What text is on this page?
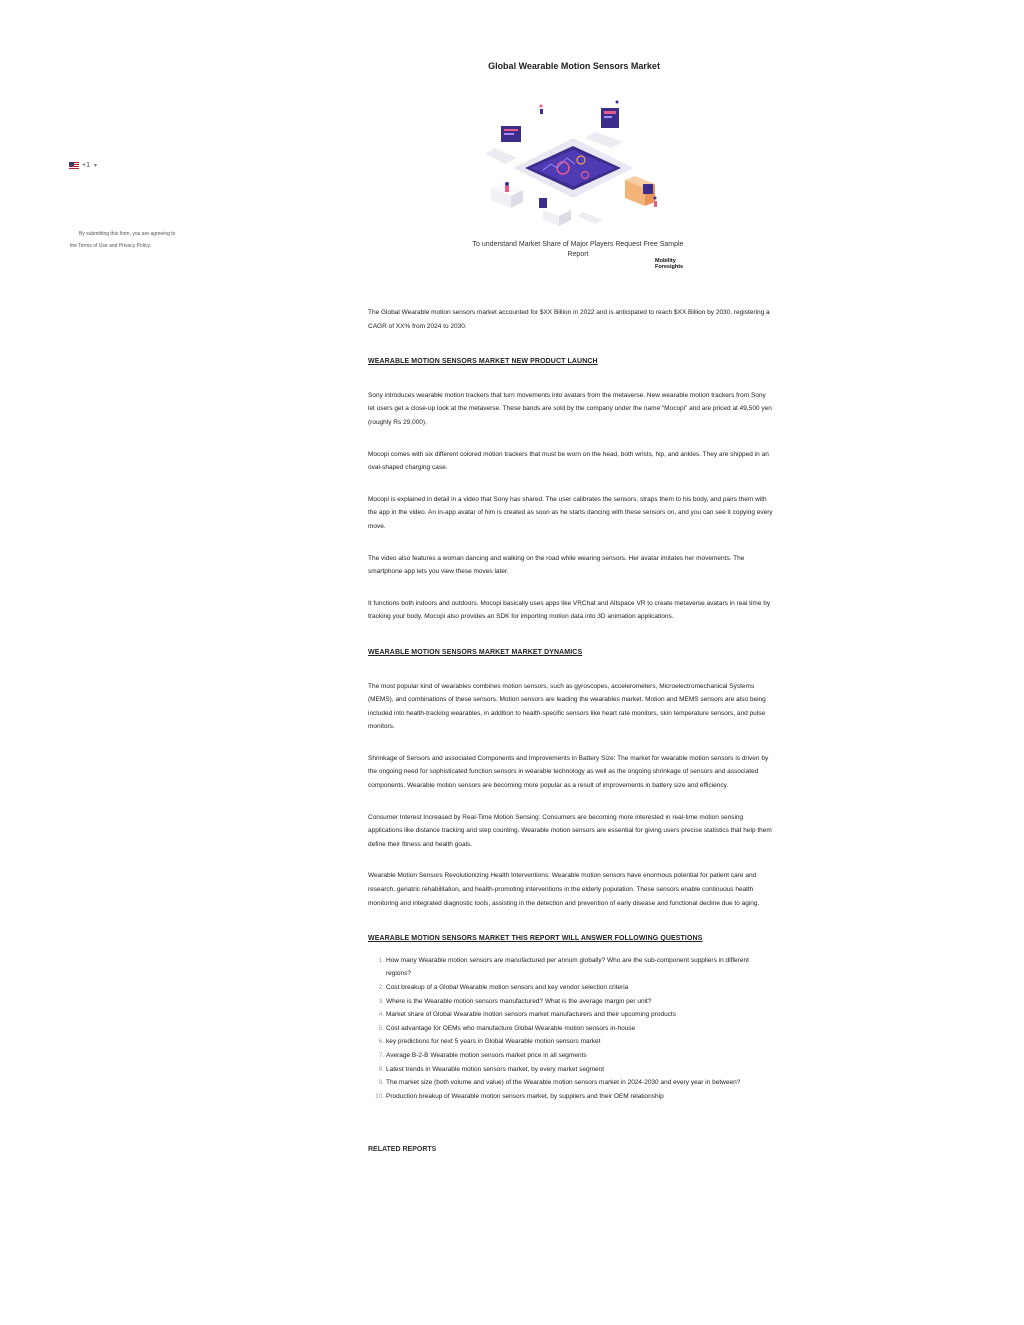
+1 ▼
By submitting this form, you are agreeing to
the Terms of Use and Privacy Policy.
Global Wearable Motion Sensors Market
To understand Market Share of Major Players Request Free Sample Report
Mobility
Foresights

The Global Wearable motion sensors market accounted for $XX Billion in 2022 and is anticipated to reach $XX Billion by 2030, registering a CAGR of XX% from 2024 to 2030.

WEARABLE MOTION SENSORS MARKET NEW PRODUCT LAUNCH

Sony introduces wearable motion trackers that turn movements into avatars from the metaverse. New wearable motion trackers from Sony let users get a close-up look at the metaverse. These bands are sold by the company under the name “Mocopi” and are priced at 49,500 yen (roughly Rs 29,000).

Mocopi comes with six different colored motion trackers that must be worn on the head, both wrists, hip, and ankles. They are shipped in an oval-shaped charging case.

Mocopi is explained in detail in a video that Sony has shared. The user calibrates the sensors, straps them to his body, and pairs them with the app in the video. An in-app avatar of him is created as soon as he starts dancing with these sensors on, and you can see it copying every move.

The video also features a woman dancing and walking on the road while wearing sensors. Her avatar imitates her movements. The smartphone app lets you view these moves later.

It functions both indoors and outdoors. Mocopi basically uses apps like VRChat and Altspace VR to create metaverse avatars in real time by tracking your body. Mocopi also provides an SDK for importing motion data into 3D animation applications.

WEARABLE MOTION SENSORS MARKET MARKET DYNAMICS

The most popular kind of wearables combines motion sensors, such as gyroscopes, accelerometers, Microelectromechanical Systems (MEMS), and combinations of these sensors. Motion sensors are leading the wearables market. Motion and MEMS sensors are also being included into health-tracking wearables, in addition to health-specific sensors like heart rate monitors, skin temperature sensors, and pulse monitors.

Shrinkage of Sensors and associated Components and Improvements in Battery Size: The market for wearable motion sensors is driven by the ongoing need for sophisticated function sensors in wearable technology as well as the ongoing shrinkage of sensors and associated components. Wearable motion sensors are becoming more popular as a result of improvements in battery size and efficiency.

Consumer Interest Increased by Real-Time Motion Sensing: Consumers are becoming more interested in real-time motion sensing applications like distance tracking and step counting. Wearable motion sensors are essential for giving users precise statistics that help them define their fitness and health goals.

Wearable Motion Sensors Revolutionizing Health Interventions: Wearable motion sensors have enormous potential for patient care and research, geriatric rehabilitation, and health-promoting interventions in the elderly population. These sensors enable continuous health monitoring and integrated diagnostic tools, assisting in the detection and prevention of early disease and functional decline due to aging.

WEARABLE MOTION SENSORS MARKET THIS REPORT WILL ANSWER FOLLOWING QUESTIONS
1. How many Wearable motion sensors are manufactured per annum globally? Who are the sub-component suppliers in different regions?
2. Cost breakup of a Global Wearable motion sensors and key vendor selection criteria
3. Where is the Wearable motion sensors manufactured? What is the average margin per unit?
4. Market share of Global Wearable motion sensors market manufacturers and their upcoming products
5. Cost advantage for OEMs who manufacture Global Wearable motion sensors in-house
6. key predictions for next 5 years in Global Wearable motion sensors market
7. Average B-2-B Wearable motion sensors market price in all segments
8. Latest trends in Wearable motion sensors market, by every market segment
9. The market size (both volume and value) of the Wearable motion sensors market in 2024-2030 and every year in between?
10. Production breakup of Wearable motion sensors market, by suppliers and their OEM relationship
RELATED REPORTS
